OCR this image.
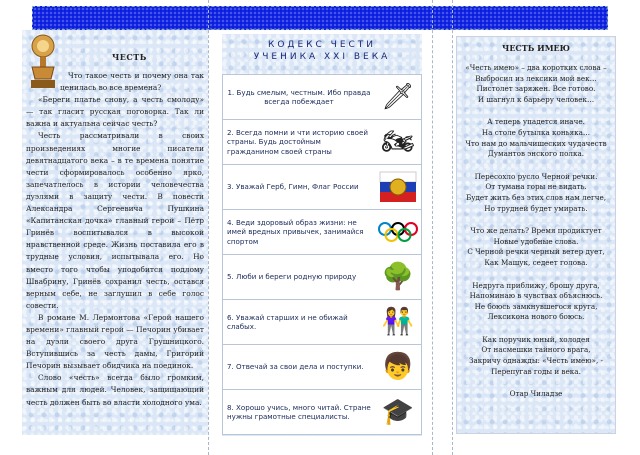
ЧЕСТЬ

Что такое честь и почему она так ценилась во все времена?

«Береги платье снову, а честь смолоду» — так гласит русская поговорка. Так ли важна и актуальна сейчас честь?

Честь рассматривали в своих произведениях многие писатели девятнадцатого века – в те времена понятие чести сформировалось особенно ярко, запечатлелось в истории человечества дуэлями в защиту чести. В повести Александра Сергеевича Пушкина «Капитанская дочка» главный герой – Пётр Гринёв воспитывался в высокой нравственной среде. Жизнь поставила его в трудные условия, испытывала его. Но вместо того чтобы уподобится подлому Швабрину, Гринёв сохранил честь, остався верным себе, не заглушил в себе голос совести.

В романе М. Лермонтова «Герой нашего времени» главный герой — Печорин убивает на дуэли своего друга Грушницкого. Вступившись за честь дамы, Григорий Печорин вызывает обидчика на поединок.

Слово «честь» всегда было громким, важным для людей. Человек, защищающий честь должен быть во власти холодного ума.

КОДЕКС ЧЕСТИ
УЧЕНИКА XXI ВЕКА
1. Будь смелым, честным. Ибо правда всегда побеждает	🗡
2. Всегда помни и чти историю своей страны. Будь достойным гражданином своей страны	🏍
3. Уважай Герб, Гимн, Флаг России
4. Веди здоровый образ жизни: не имей вредных привычек, занимайся спортом
5. Люби и береги родную природу 🌳
6. Уважай старших и не обижай слабых.	👫
7. Отвечай за свои дела и поступки. 👦
8. Хорошо учись, много читай. Стране нужны грамотные специалисты.	🎓
ЧЕСТЬ ИМЕЮ
«Честь имею» – два коротких слова –
Выбросил из лексики мой век…
Пистолет заряжен. Все готово.
И шагнул к барьеру человек…
А теперь упадется иначе.
На столе бутылка коньяка…
Что нам до мальчишеских чудачеств
Думантов энского полка.
Пересохло русло Черной речки.
От тумана горы не видать.
Будет жить без этих слов нам легче,
Но трудней будет умирать.
Что же делать? Время продиктует
Новые удобные слова.
С Черной речки черный ветер дует,
Как Машук, седеет голова.
Недруга приближу, брошу друга,
Напоминаю в чувствах объяснюсь.
Не боюсь замкнувшегося круга,
Лексикона нового боюсь.
Как поручик юный, холодея
От насмешки тайного врага,
Закричу однажды: «Честь имею», -
Перепугав годы и века.
Отар Чиладзе
